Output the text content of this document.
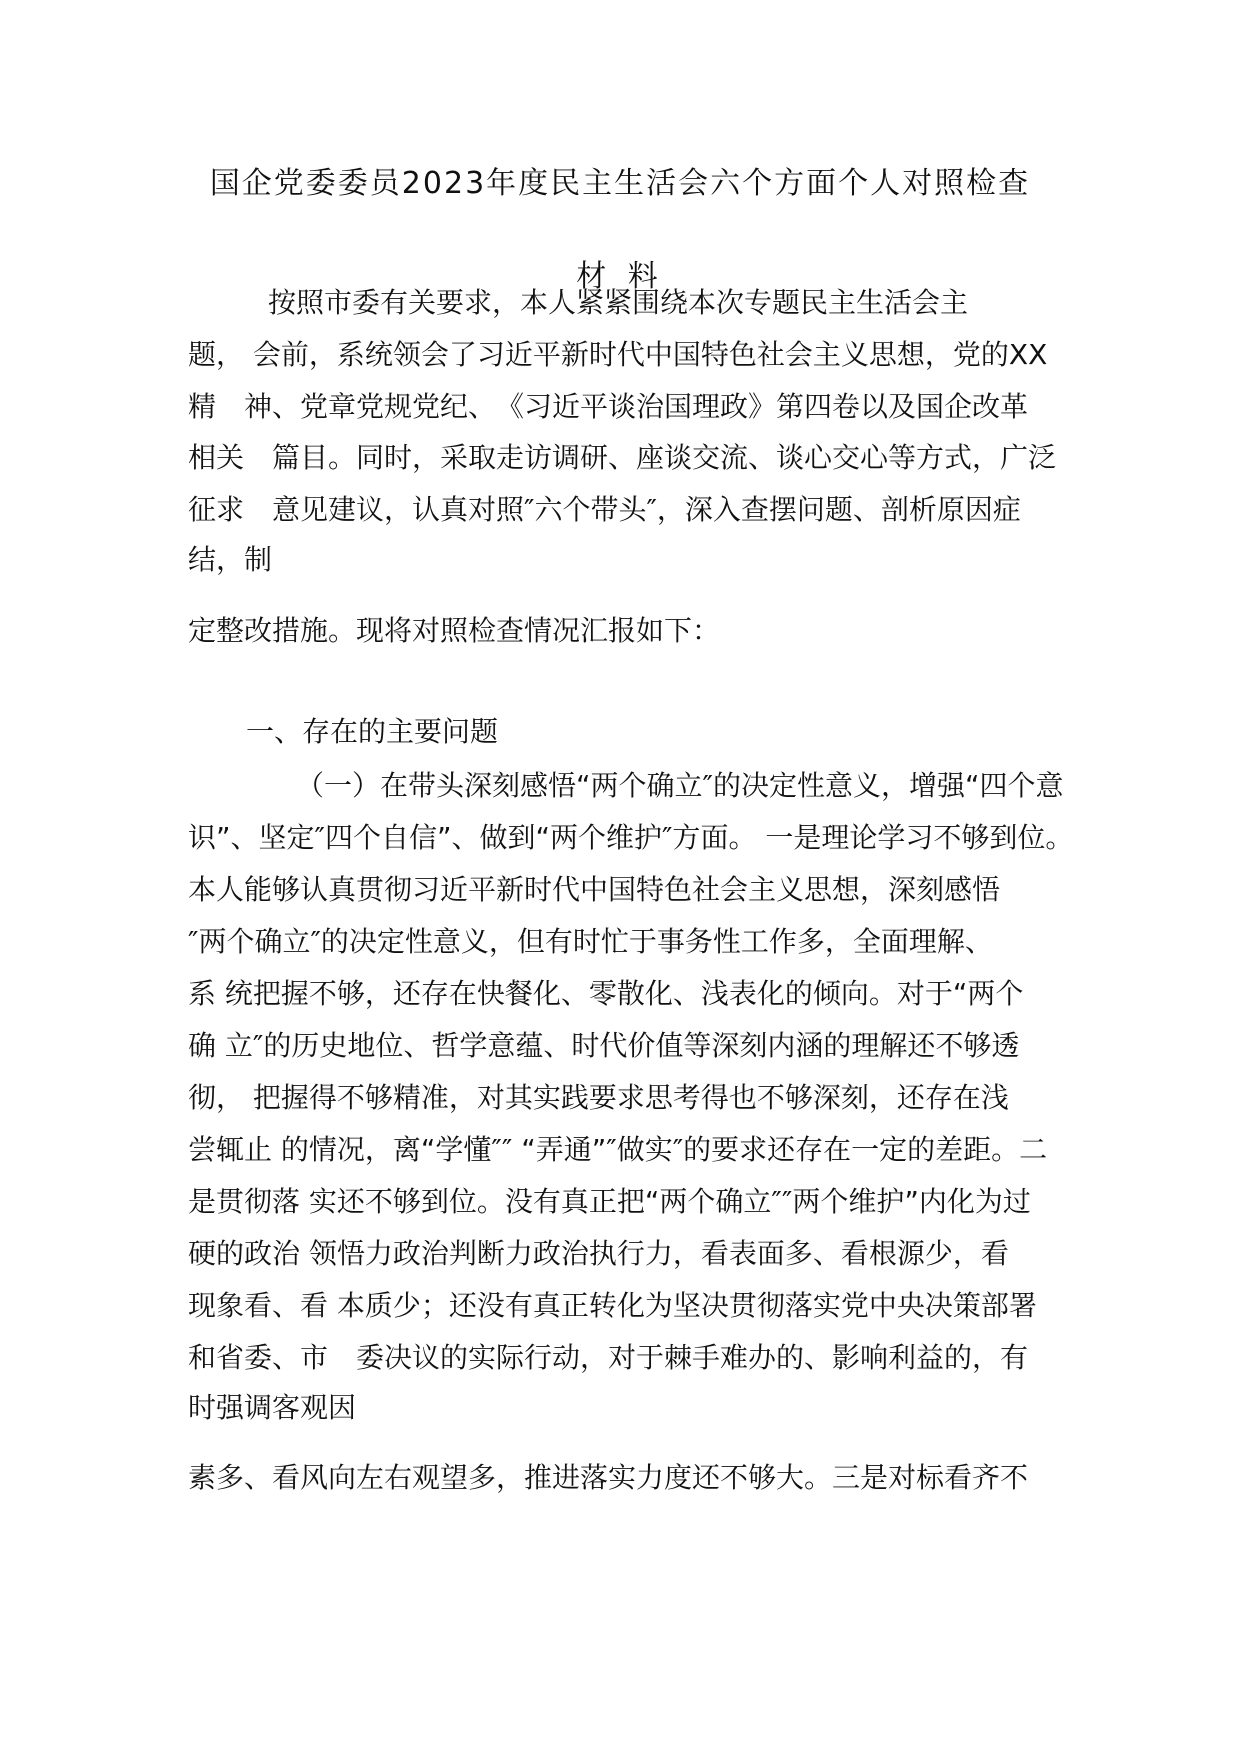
国企党委委员2023年度民主生活会六个方面个人对照检查
材 料
按照市委有关要求，本人紧紧围绕本次专题民主生活会主
题， 会前，系统领会了习近平新时代中国特色社会主义思想，党的XX
精　神、党章党规党纪、　《习近平谈治国理政》第四卷以及国企改革
相关　篇目。同时，采取走访调研、座谈交流、谈心交心等方式，广泛
征求　意见建议，认真对照″六个带头″，深入查摆问题、剖析原因症
结，制
定整改措施。现将对照检查情况汇报如下：
一、存在的主要问题
（一）在带头深刻感悟“两个确立″的决定性意义，增强“四个意
识”、坚定″四个自信”、做到“两个维护″方面。 一是理论学习不够到位。
本人能够认真贯彻习近平新时代中国特色社会主义思想，深刻感悟
″两个确立″的决定性意义，但有时忙于事务性工作多，全面理解、
系 统把握不够，还存在快餐化、零散化、浅表化的倾向。对于“两个
确 立″的历史地位、哲学意蕴、时代价值等深刻内涵的理解还不够透
彻， 把握得不够精准，对其实践要求思考得也不够深刻，还存在浅
尝辄止 的情况，离“学懂″″ “弄通”″做实″的要求还存在一定的差距。二
是贯彻落 实还不够到位。没有真正把“两个确立″″两个维护”内化为过
硬的政治 领悟力政治判断力政治执行力，看表面多、看根源少，看
现象看、看 本质少；还没有真正转化为坚决贯彻落实党中央决策部署
和省委、市　委决议的实际行动，对于棘手难办的、影响利益的，有
时强调客观因
素多、看风向左右观望多，推进落实力度还不够大。三是对标看齐不
